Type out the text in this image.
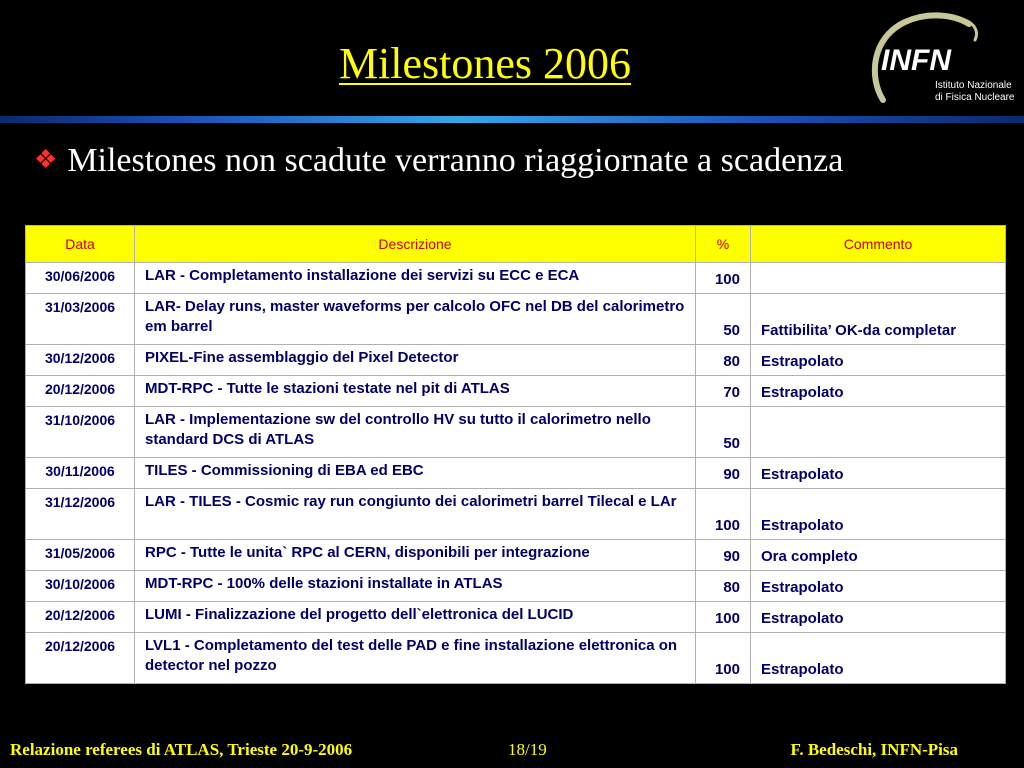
Milestones 2006	INFN
Istituto Nazionale
di Fisica Nucleare
❖ Milestones non scadute verranno riaggiornate a scadenza
Data	Descrizione	%	Commento
30/06/2006	LAR - Completamento installazione dei servizi su ECC e ECA	100	
31/03/2006	LAR- Delay runs, master waveforms per calcolo OFC nel DB del calorimetro em barrel	50	Fattibilita’ OK-da completar
30/12/2006	PIXEL-Fine assemblaggio del Pixel Detector	80	Estrapolato
20/12/2006	MDT-RPC - Tutte le stazioni testate nel pit di ATLAS	70	Estrapolato
31/10/2006	LAR - Implementazione sw del controllo HV su tutto il calorimetro nello standard DCS di ATLAS	50	
30/11/2006	TILES - Commissioning di EBA ed EBC	90	Estrapolato
31/12/2006	LAR - TILES - Cosmic ray run congiunto dei calorimetri barrel Tilecal e LAr	100	Estrapolato
31/05/2006	RPC - Tutte le unita` RPC al CERN, disponibili per integrazione	90	Ora completo
30/10/2006	MDT-RPC - 100% delle stazioni installate in ATLAS	80	Estrapolato
20/12/2006	LUMI - Finalizzazione del progetto dell`elettronica del LUCID	100	Estrapolato
20/12/2006	LVL1 - Completamento del test delle PAD e fine installazione elettronica on detector nel pozzo	100	Estrapolato
Relazione referees di ATLAS, Trieste 20-9-2006	18/19	F. Bedeschi, INFN-Pisa
